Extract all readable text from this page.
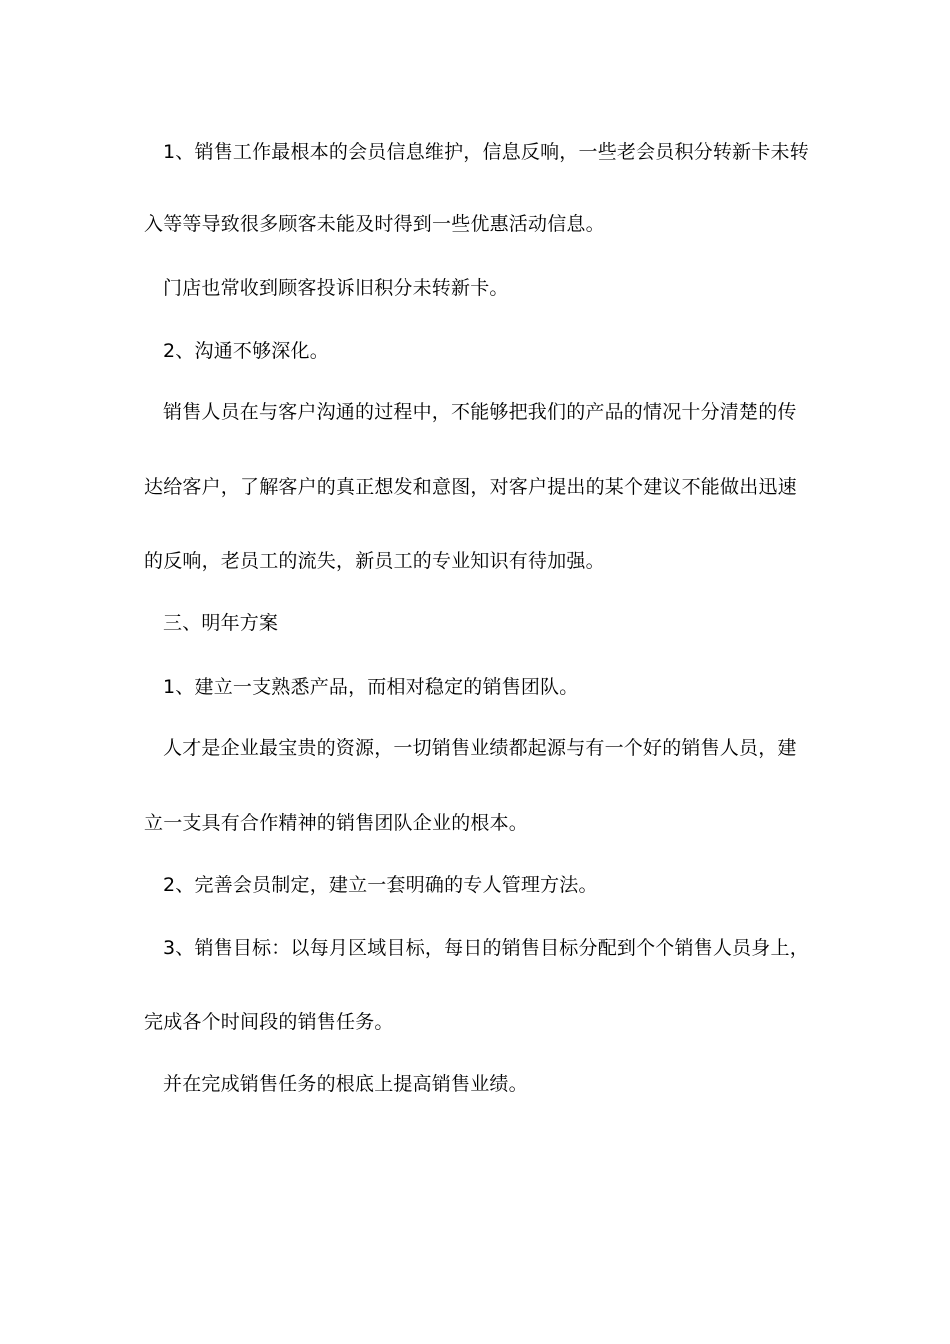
1、销售工作最根本的会员信息维护，信息反响，一些老会员积分转新卡未转
入等等导致很多顾客未能及时得到一些优惠活动信息。
门店也常收到顾客投诉旧积分未转新卡。
2、沟通不够深化。
销售人员在与客户沟通的过程中，不能够把我们的产品的情况十分清楚的传
达给客户，了解客户的真正想发和意图，对客户提出的某个建议不能做出迅速
的反响，老员工的流失，新员工的专业知识有待加强。
三、明年方案
1、建立一支熟悉产品，而相对稳定的销售团队。
人才是企业最宝贵的资源，一切销售业绩都起源与有一个好的销售人员，建
立一支具有合作精神的销售团队企业的根本。
2、完善会员制定，建立一套明确的专人管理方法。
3、销售目标：以每月区域目标，每日的销售目标分配到个个销售人员身上，
完成各个时间段的销售任务。
并在完成销售任务的根底上提高销售业绩。
